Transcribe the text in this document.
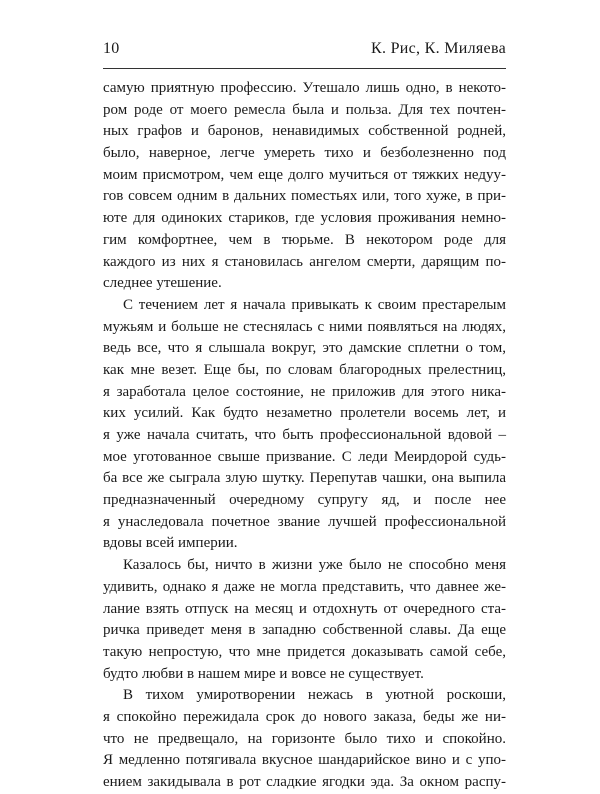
10	К. Рис, К. Миляева
самую приятную профессию. Утешало лишь одно, в некото-
ром роде от моего ремесла была и польза. Для тех почтен-
ных графов и баронов, ненавидимых собственной родней,
было, наверное, легче умереть тихо и безболезненно под
моим присмотром, чем еще долго мучиться от тяжких недуу-
гов совсем одним в дальних поместьях или, того хуже, в при-
юте для одиноких стариков, где условия проживания немно-
гим комфортнее, чем в тюрьме. В некотором роде для
каждого из них я становилась ангелом смерти, дарящим по-
следнее утешение.
С течением лет я начала привыкать к своим престарелым
мужьям и больше не стеснялась с ними появляться на людях,
ведь все, что я слышала вокруг, это дамские сплетни о том,
как мне везет. Еще бы, по словам благородных прелестниц,
я заработала целое состояние, не приложив для этого ника-
ких усилий. Как будто незаметно пролетели восемь лет, и
я уже начала считать, что быть профессиональной вдовой –
мое уготованное свыше призвание. С леди Меирдорой судь-
ба все же сыграла злую шутку. Перепутав чашки, она выпила
предназначенный очередному супругу яд, и после нее
я унаследовала почетное звание лучшей профессиональной
вдовы всей империи.
Казалось бы, ничто в жизни уже было не способно меня
удивить, однако я даже не могла представить, что давнее же-
лание взять отпуск на месяц и отдохнуть от очередного ста-
ричка приведет меня в западню собственной славы. Да еще
такую непростую, что мне придется доказывать самой себе,
будто любви в нашем мире и вовсе не существует.
В тихом умиротворении нежась в уютной роскоши,
я спокойно пережидала срок до нового заказа, беды же ни-
что не предвещало, на горизонте было тихо и спокойно.
Я медленно потягивала вкусное шандарийское вино и с упо-
ением закидывала в рот сладкие ягодки эда. За окном распу-
